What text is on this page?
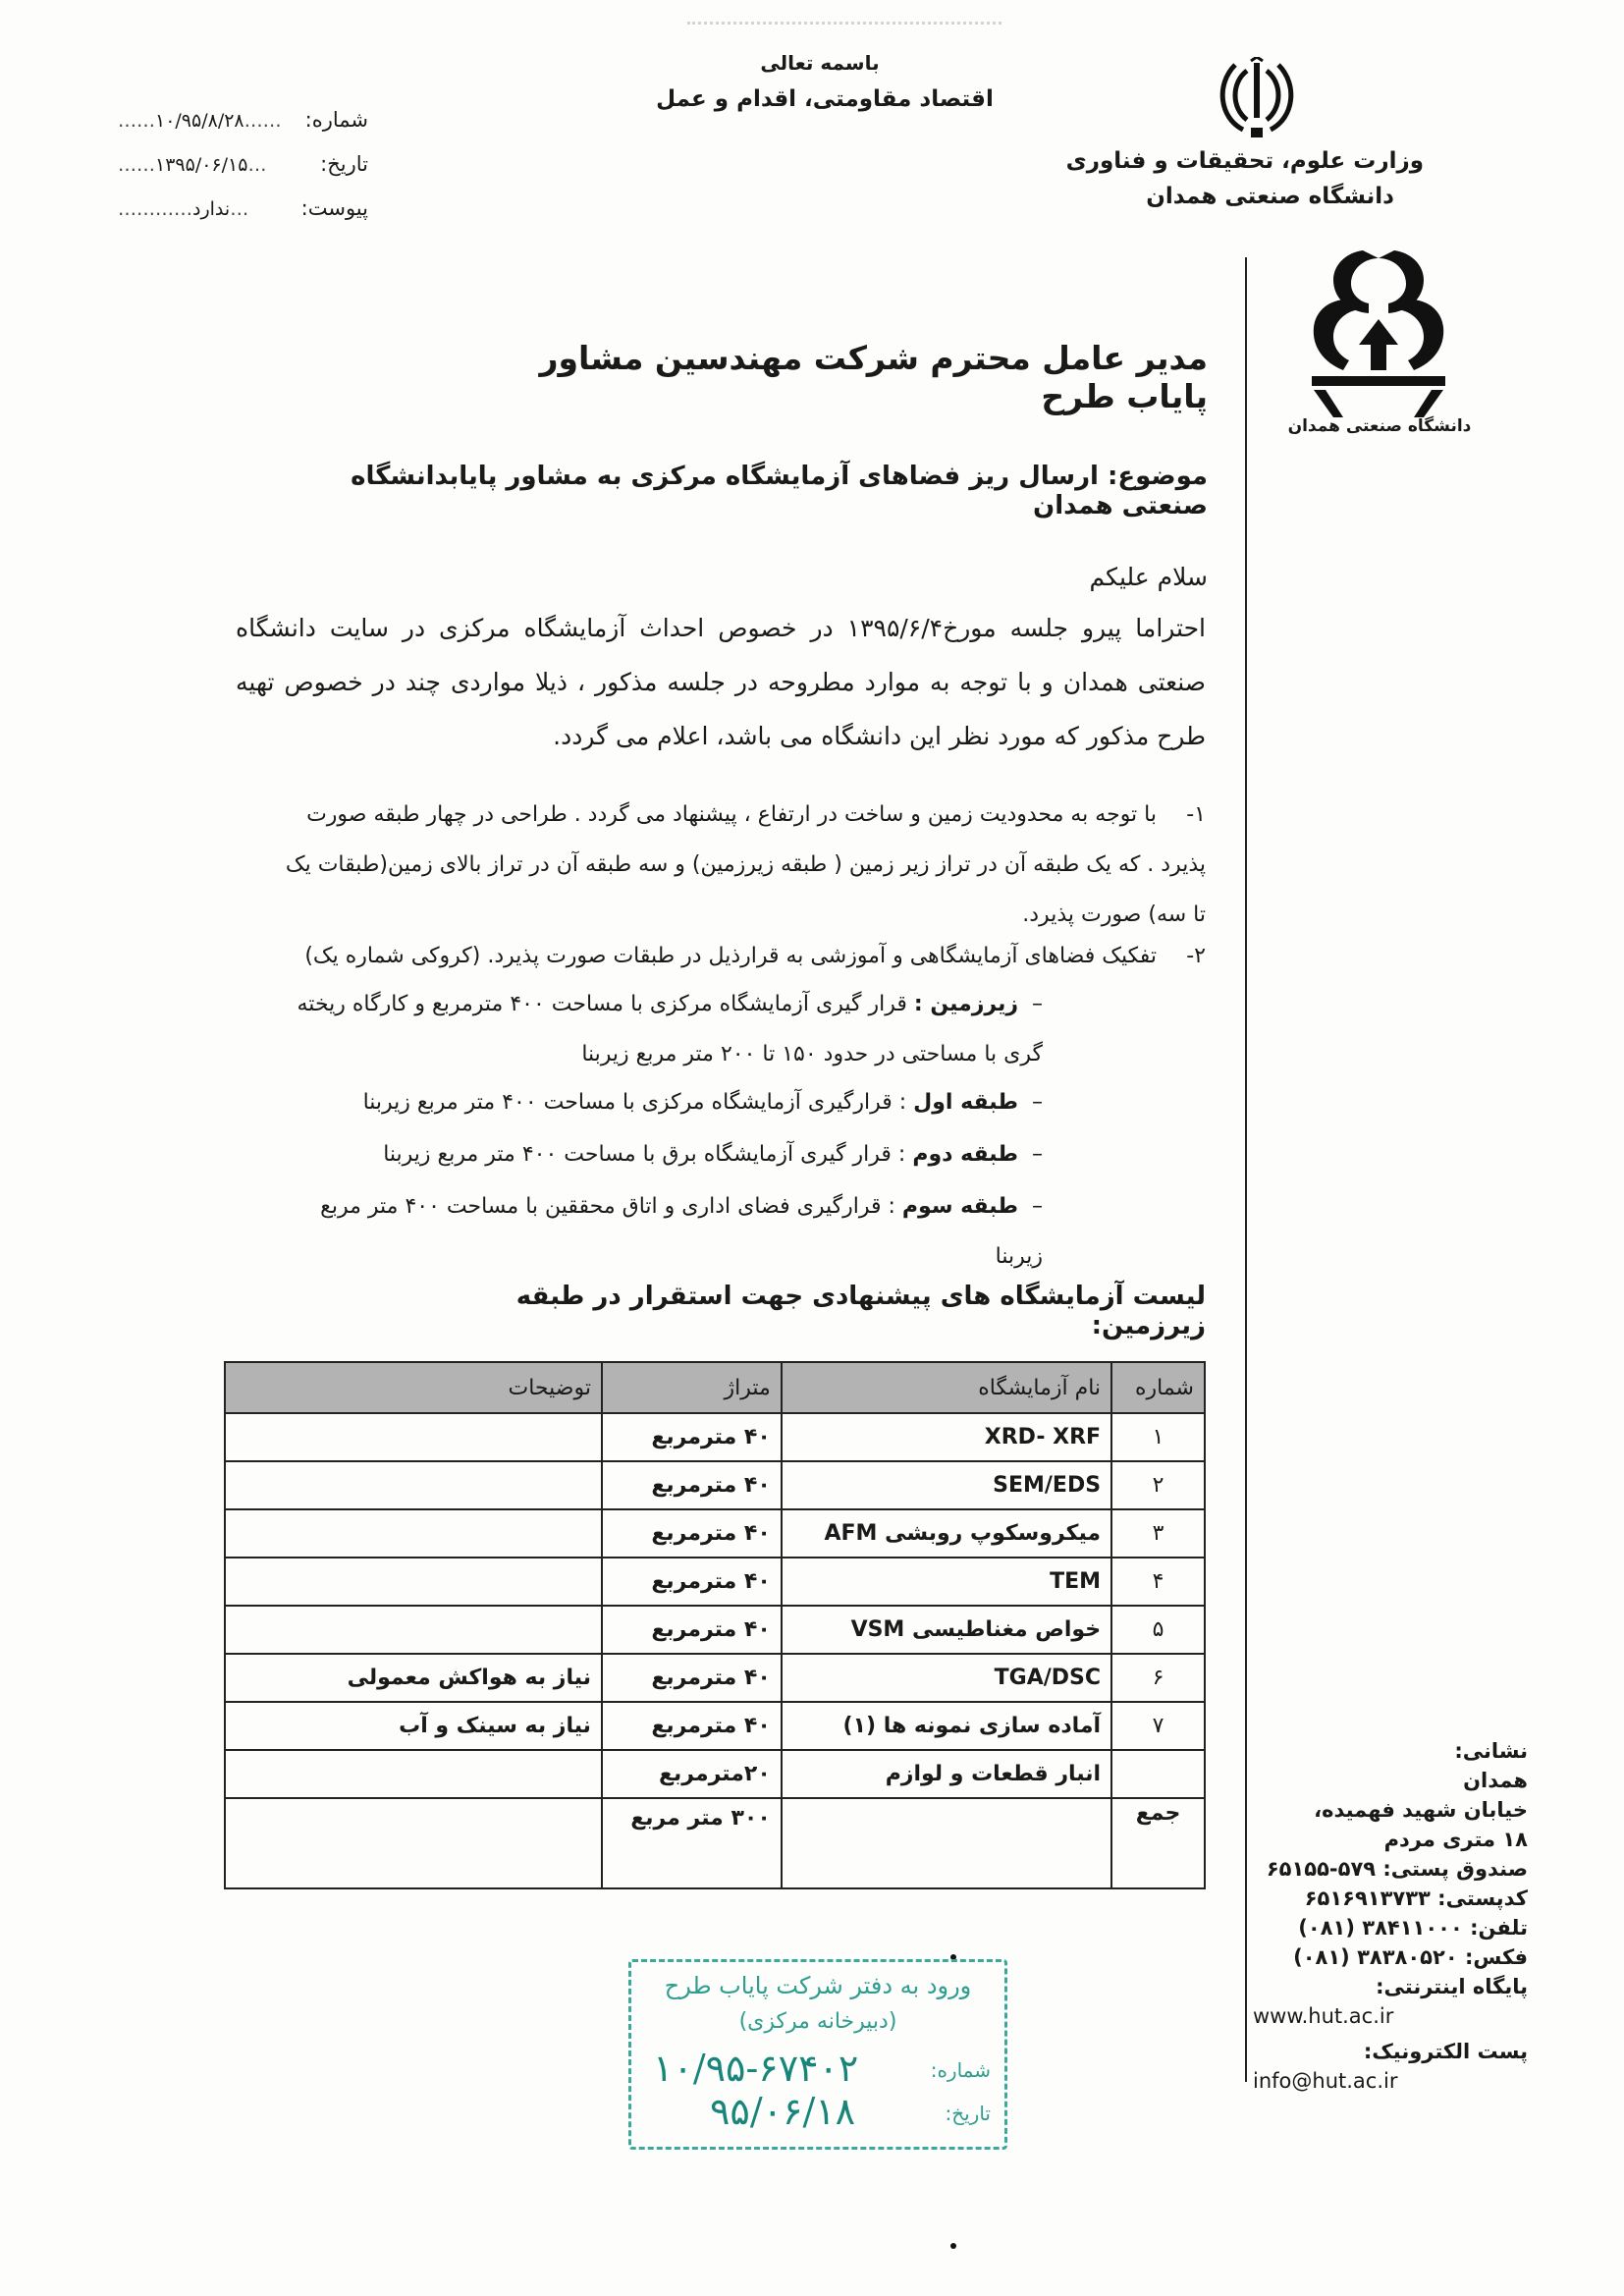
باسمه تعالی
اقتصاد مقاومتی، اقدام و عمل
وزارت علوم، تحقیقات و فناوری
دانشگاه صنعتی همدان
شماره:
……۱۰/۹۵/۸/۲۸……
تاریخ:
……۱۳۹۵/۰۶/۱۵…
پیوست:
…………ندارد…
دانشگاه صنعتی همدان
مدیر عامل محترم شرکت مهندسین مشاور پایاب طرح
موضوع: ارسال ریز فضاهای آزمایشگاه مرکزی به مشاور پایابدانشگاه صنعتی همدان
سلام علیکم
احتراما پیرو جلسه مورخ۱۳۹۵/۶/۴ در خصوص احداث آزمایشگاه مرکزی در سایت دانشگاه صنعتی همدان و با توجه به موارد مطروحه در جلسه مذکور ، ذیلا مواردی چند در خصوص تهیه طرح مذکور که مورد نظر این دانشگاه می باشد، اعلام می گردد.
۱-با توجه به محدودیت زمین و ساخت در ارتفاع ، پیشنهاد می گردد . طراحی در چهار طبقه صورت پذیرد . که یک طبقه آن در تراز زیر زمین ( طبقه زیرزمین) و سه طبقه آن در تراز بالای زمین(طبقات یک تا سه) صورت پذیرد.
۲-تفکیک فضاهای آزمایشگاهی و آموزشی به قرارذیل در طبقات صورت پذیرد. (کروکی شماره یک)
–  زیرزمین : قرار گیری آزمایشگاه مرکزی با مساحت ۴۰۰ مترمربع و کارگاه ریخته گری با مساحتی در حدود ۱۵۰ تا ۲۰۰ متر مربع زیربنا
–  طبقه اول : قرارگیری آزمایشگاه مرکزی با مساحت ۴۰۰ متر مربع زیربنا
–  طبقه دوم : قرار گیری آزمایشگاه برق با مساحت ۴۰۰ متر مربع زیربنا
–  طبقه سوم : قرارگیری فضای اداری و اتاق محققین با مساحت ۴۰۰ متر مربع زیربنا
لیست آزمایشگاه های پیشنهادی جهت استقرار در طبقه زیرزمین:
شماره	نام آزمایشگاه	متراژ	توضیحات
۱	XRD- XRF	۴۰ مترمربع	
۲	SEM/EDS	۴۰ مترمربع	
۳	میکروسکوپ روبشی AFM	۴۰ مترمربع	
۴	TEM	۴۰ مترمربع	
۵	خواص مغناطیسی VSM	۴۰ مترمربع	
۶	TGA/DSC	۴۰ مترمربع	نیاز به هواکش معمولی
۷	آماده سازی نمونه ها (۱)	۴۰ مترمربع	نیاز به سینک و آب
	انبار قطعات و لوازم	۲۰مترمربع	
جمع		۳۰۰ متر مربع	
نشانی:
همدان
خیابان شهید فهمیده،
۱۸ متری مردم
صندوق پستی: ۵۷۹-۶۵۱۵۵
کدپستی: ۶۵۱۶۹۱۳۷۳۳
تلفن: ۳۸۴۱۱۰۰۰ (۰۸۱)
فکس: ۳۸۳۸۰۵۲۰ (۰۸۱)
پایگاه اینترنتی:
www.hut.ac.ir
پست الکترونیک:
info@hut.ac.ir
ورود به دفتر شرکت پایاب طرح
(دبیرخانه مرکزی)
شماره:
۱۰/۹۵-۶۷۴۰۲
تاریخ:
۹۵/۰۶/۱۸
